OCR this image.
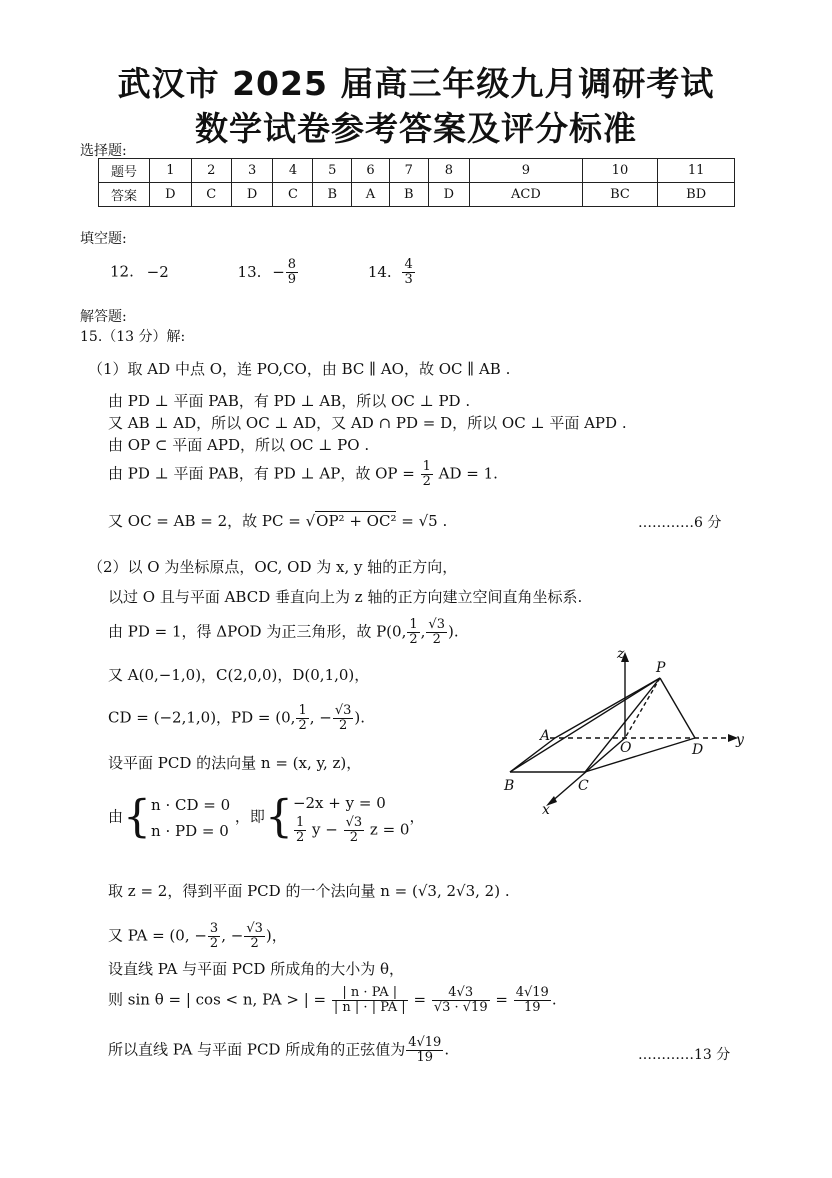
武汉市 2025 届高三年级九月调研考试
数学试卷参考答案及评分标准
选择题:
题号	1	2	3	4	5	6	7	8	9	10	11
答案	D	C	D	C	B	A	B	D	ACD	BC	BD
填空题:
12. −2	13. − $\frac{8}{9}$	14. $\frac{4}{3}$
解答题:
15.（13 分）解:
（1）取 AD 中点 O，连 PO,CO，由 BC ∥ AO，故 OC ∥ AB .
由 PD ⊥ 平面 PAB，有 PD ⊥ AB，所以 OC ⊥ PD .
又 AB ⊥ AD，所以 OC ⊥ AD，又 AD ∩ PD = D，所以 OC ⊥ 平面 APD .
由 OP ⊂ 平面 APD，所以 OC ⊥ PO .
由 PD ⊥ 平面 PAB，有 PD ⊥ AP，故 OP = $\frac{1}{2}$ AD = 1.
又 OC = AB = 2，故 PC = √OP² + OC² = √5 .	…………6 分
（2）以 O 为坐标原点，OC, OD 为 x, y 轴的正方向，
以过 O 且与平面 ABCD 垂直向上为 z 轴的正方向建立空间直角坐标系.
由 PD = 1，得 ΔPOD 为正三角形，故 P(0, $\frac{1}{2}$ , $\frac{√3}{2}$ ).
又 A(0,−1,0)，C(2,0,0)，D(0,1,0)，
CD = (−2,1,0)，PD = (0, $\frac{1}{2}$ , − $\frac{√3}{2}$ ).
设平面 PCD 的法向量 n = (x, y, z)，
由{n · CD = 0
n · PD = 0 ，即{−2x + y = 0

$\frac{1}{2}$ $y - \frac{√3}{2}$ z = 0，
取 z = 2，得到平面 PCD 的一个法向量 n = (√3, 2√3, 2) .
又 PA = (0, − $\frac{3}{2}$ , − $\frac{√3}{2}$ )，
设直线 PA 与平面 PCD 所成角的大小为 θ，
则 sin θ = | cos < n, PA > | = $\frac{| n \cdot PA |}{| n | \cdot | PA |} = \frac{4√3}{√3 \cdot √19} = \frac{4√19}{19}$ .
所以直线 PA 与平面 PCD 所成角的正弦值为 $\frac{4√19}{19}$ .	…………13 分
z
P
y
A
O	D
B	C
x
